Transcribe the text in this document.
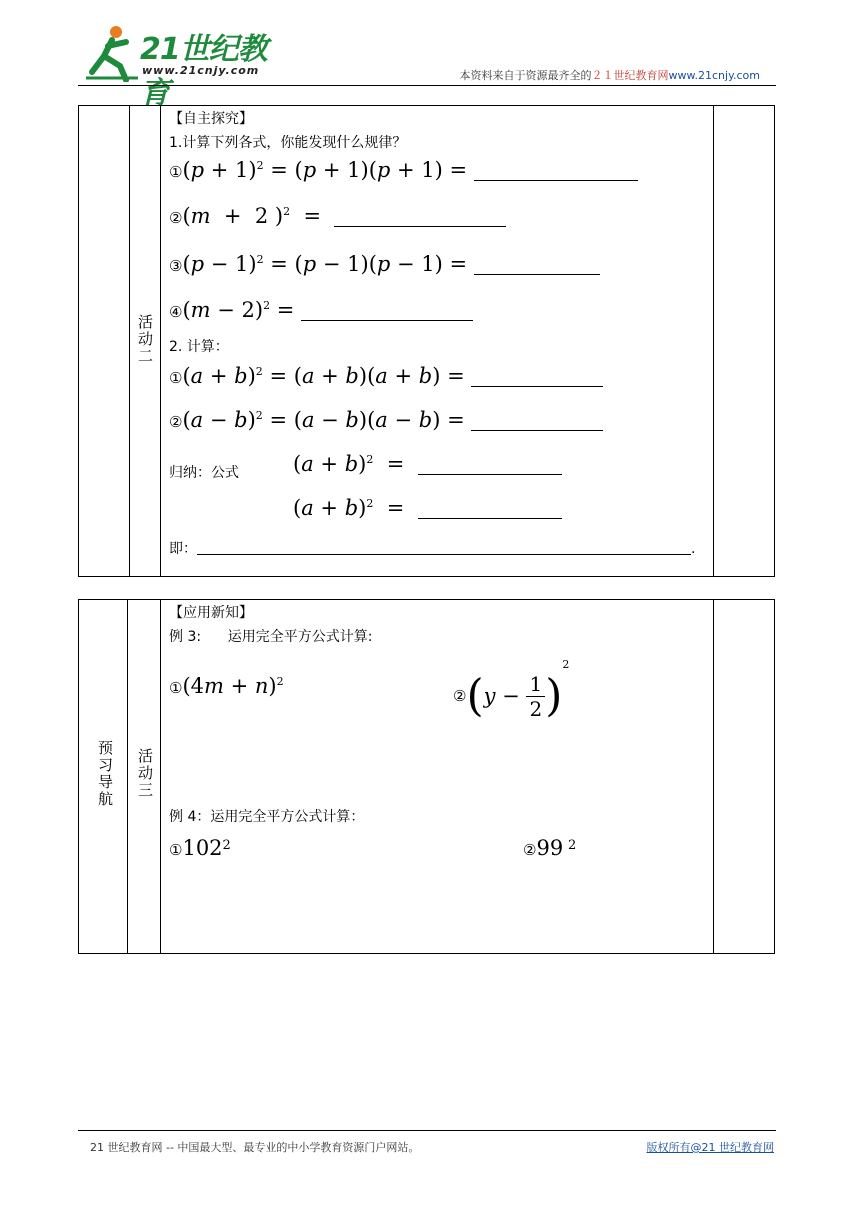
21世纪教育
www.21cnjy.com	本资料来自于资源最齐全的２１世纪教育网www.21cnjy.com
活动二
【自主探究】
1.计算下列各式，你能发现什么规律？
①(p + 1)$^2$ = (p + 1)(p + 1) =
②(m  +  2 )$^2$  =
③(p − 1)$^2$ = (p − 1)(p − 1) =
④(m − 2)$^2$ =
2. 计算：
①(a + b)$^2$ = (a + b)(a + b) =
②(a − b)$^2$ = (a − b)(a − b) =
归纳：公式	$(a + b)^2$  =
$(a + b)^2$  =
即：	.
预习导航 活动三
【应用新知】
例 3:      运用完全平方公式计算:
①(4m + n)$^2$
②(y − $\frac{1}{2} )^2$
例 4：运用完全平方公式计算：
$①102^2$	②99 $^2$
21 世纪教育网 -- 中国最大型、最专业的中小学教育资源门户网站。	版权所有@21 世纪教育网
